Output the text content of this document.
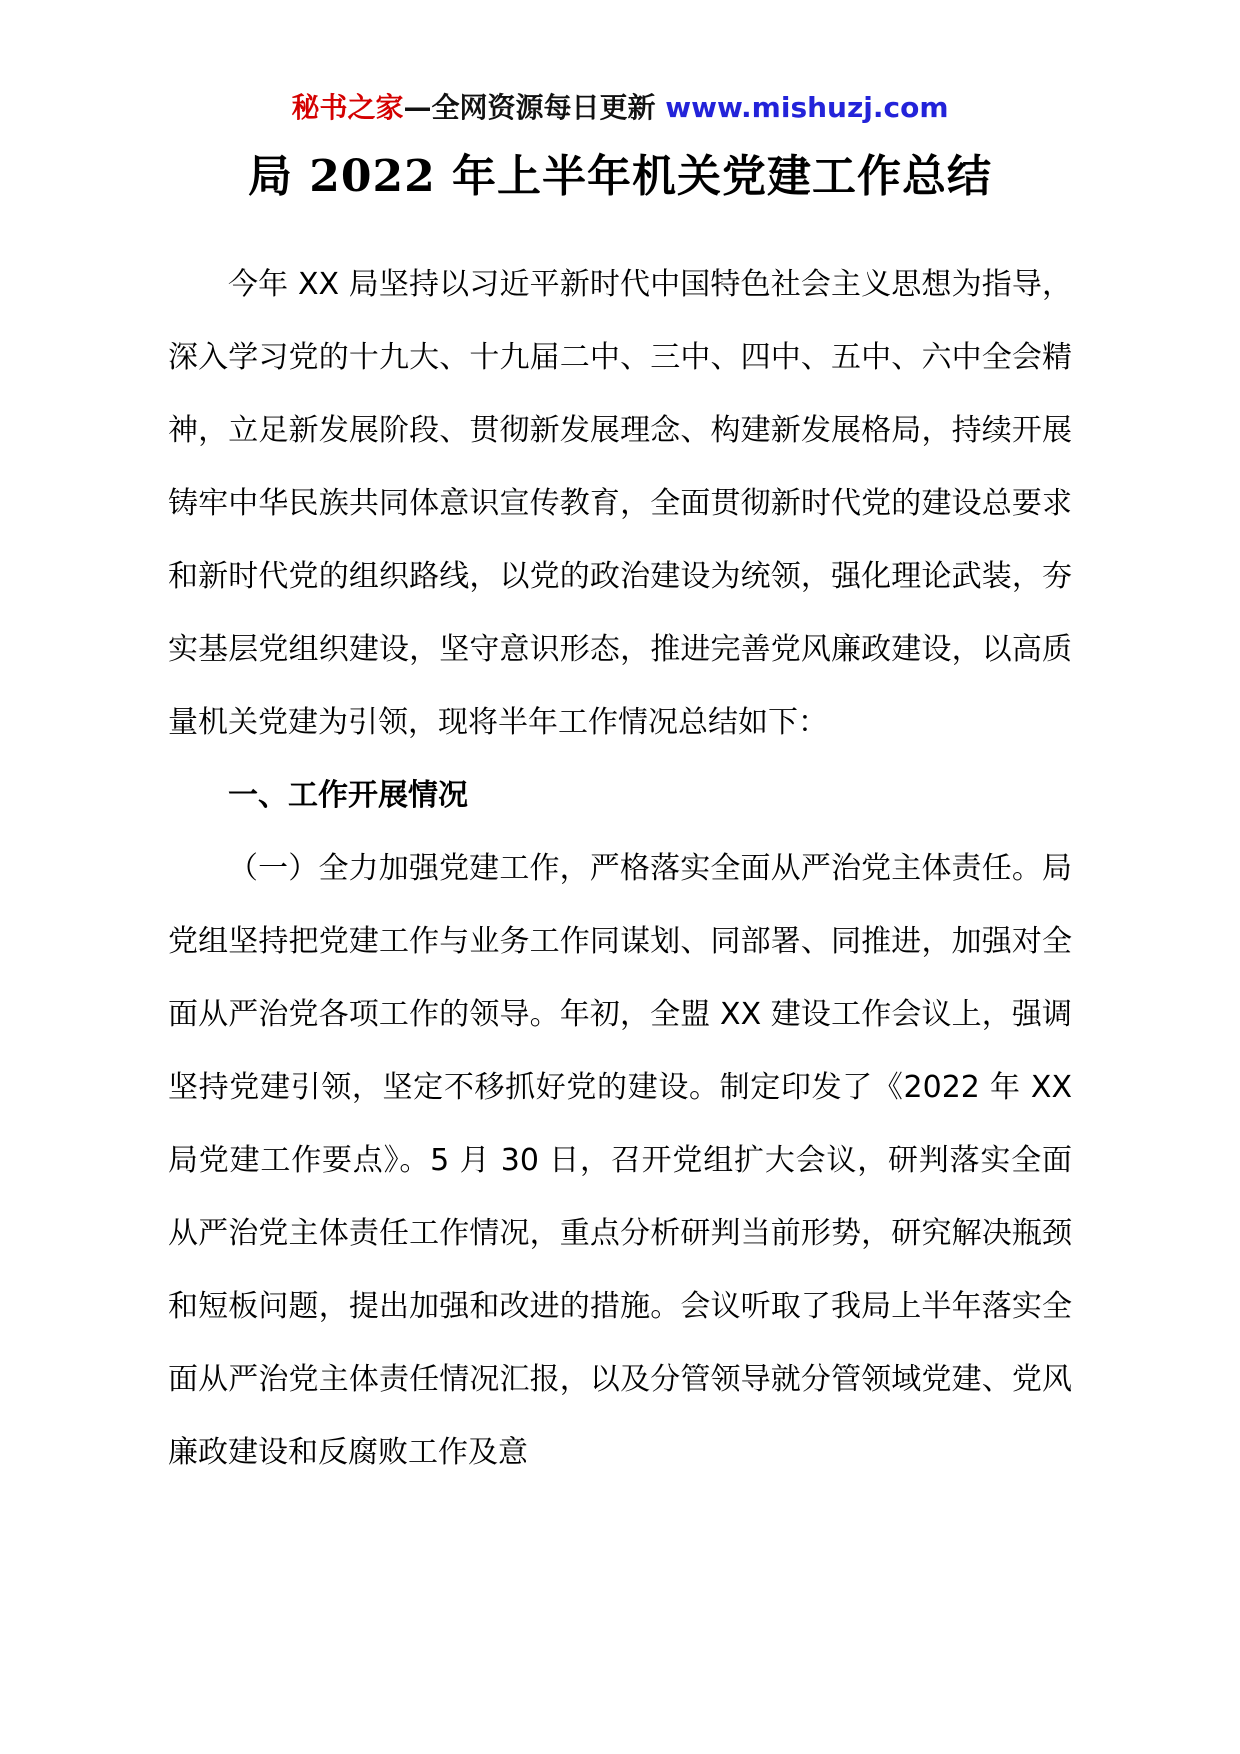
秘书之家—全网资源每日更新 www.mishuzj.com
局 2022 年上半年机关党建工作总结

今年 XX 局坚持以习近平新时代中国特色社会主义思想为指导，深入学习党的十九大、十九届二中、三中、四中、五中、六中全会精神，立足新发展阶段、贯彻新发展理念、构建新发展格局，持续开展铸牢中华民族共同体意识宣传教育，全面贯彻新时代党的建设总要求和新时代党的组织路线，以党的政治建设为统领，强化理论武装，夯实基层党组织建设，坚守意识形态，推进完善党风廉政建设，以高质量机关党建为引领，现将半年工作情况总结如下：

一、工作开展情况

（一）全力加强党建工作，严格落实全面从严治党主体责任。局党组坚持把党建工作与业务工作同谋划、同部署、同推进，加强对全面从严治党各项工作的领导。年初，全盟 XX 建设工作会议上，强调坚持党建引领，坚定不移抓好党的建设。制定印发了《2022 年 XX 局党建工作要点》。5 月 30 日，召开党组扩大会议，研判落实全面从严治党主体责任工作情况，重点分析研判当前形势，研究解决瓶颈和短板问题，提出加强和改进的措施。会议听取了我局上半年落实全面从严治党主体责任情况汇报，以及分管领导就分管领域党建、党风廉政建设和反腐败工作及意
